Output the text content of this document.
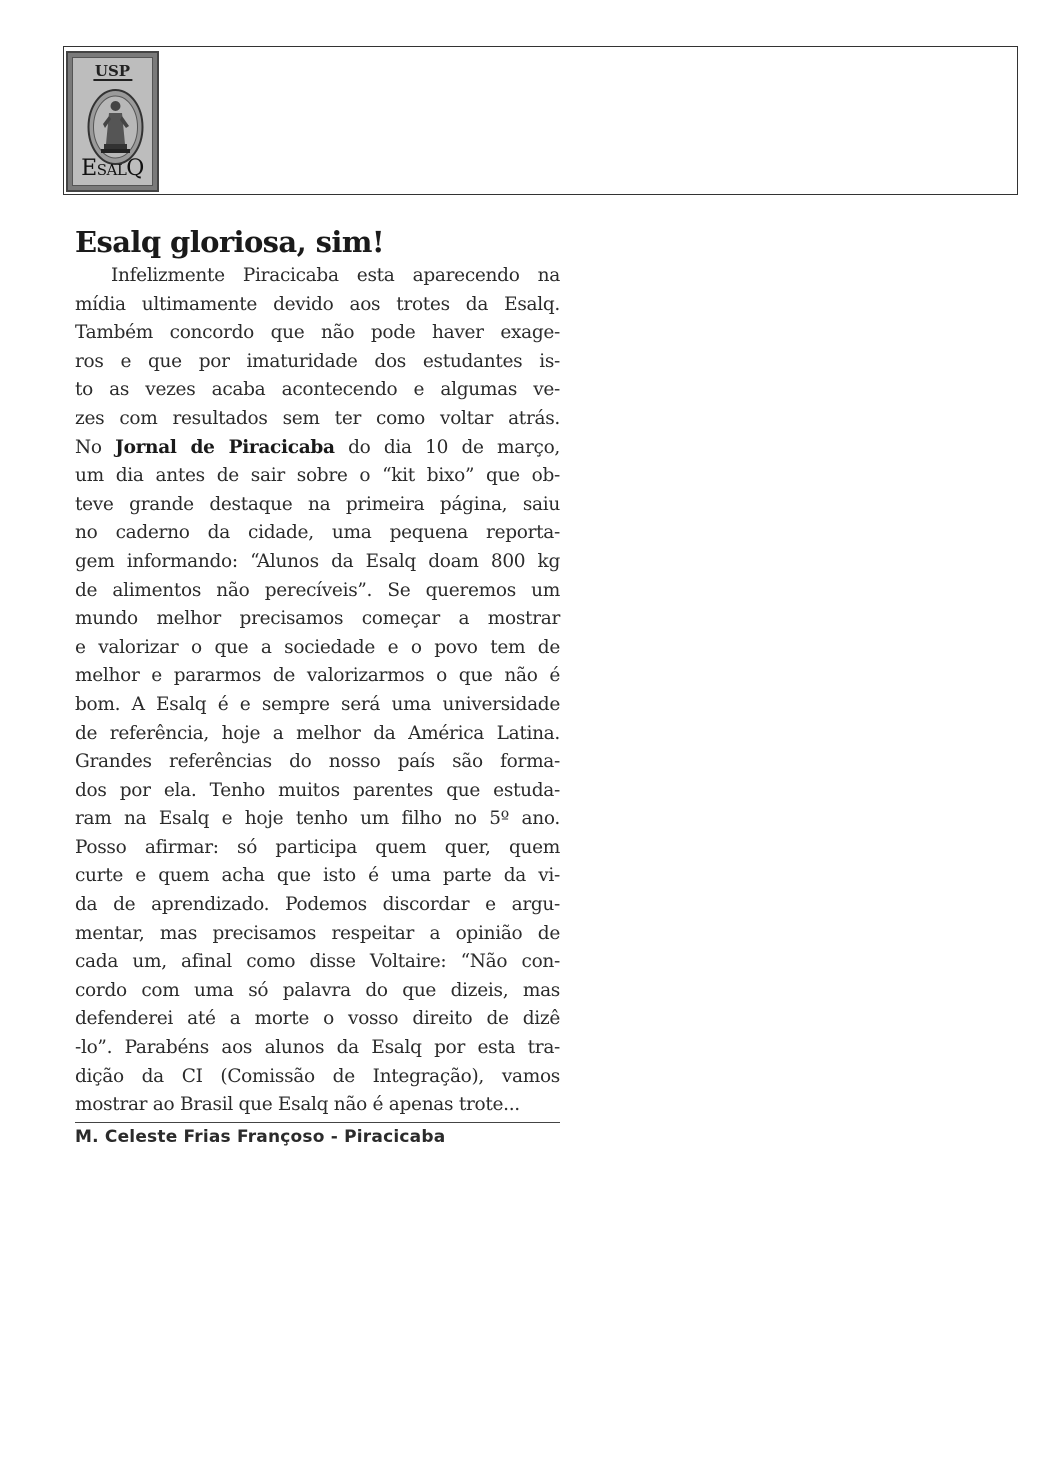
USP
ESALQ
Esalq gloriosa, sim!
Infelizmente Piracicaba esta aparecendo na
mídia ultimamente devido aos trotes da Esalq.
Também concordo que não pode haver exage-
ros e que por imaturidade dos estudantes is-
to as vezes acaba acontecendo e algumas ve-
zes com resultados sem ter como voltar atrás.
No Jornal de Piracicaba do dia 10 de março,
um dia antes de sair sobre o “kit bixo” que ob-
teve grande destaque na primeira página, saiu
no caderno da cidade, uma pequena reporta-
gem informando: “Alunos da Esalq doam 800 kg
de alimentos não perecíveis”. Se queremos um
mundo melhor precisamos começar a mostrar
e valorizar o que a sociedade e o povo tem de
melhor e pararmos de valorizarmos o que não é
bom. A Esalq é e sempre será uma universidade
de referência, hoje a melhor da América Latina.
Grandes referências do nosso país são forma-
dos por ela. Tenho muitos parentes que estuda-
ram na Esalq e hoje tenho um filho no 5º ano.
Posso afirmar: só participa quem quer, quem
curte e quem acha que isto é uma parte da vi-
da de aprendizado. Podemos discordar e argu-
mentar, mas precisamos respeitar a opinião de
cada um, afinal como disse Voltaire: “Não con-
cordo com uma só palavra do que dizeis, mas
defenderei até a morte o vosso direito de dizê
-lo”. Parabéns aos alunos da Esalq por esta tra-
dição da CI (Comissão de Integração), vamos
mostrar ao Brasil que Esalq não é apenas trote...
M. Celeste Frias Françoso - Piracicaba
